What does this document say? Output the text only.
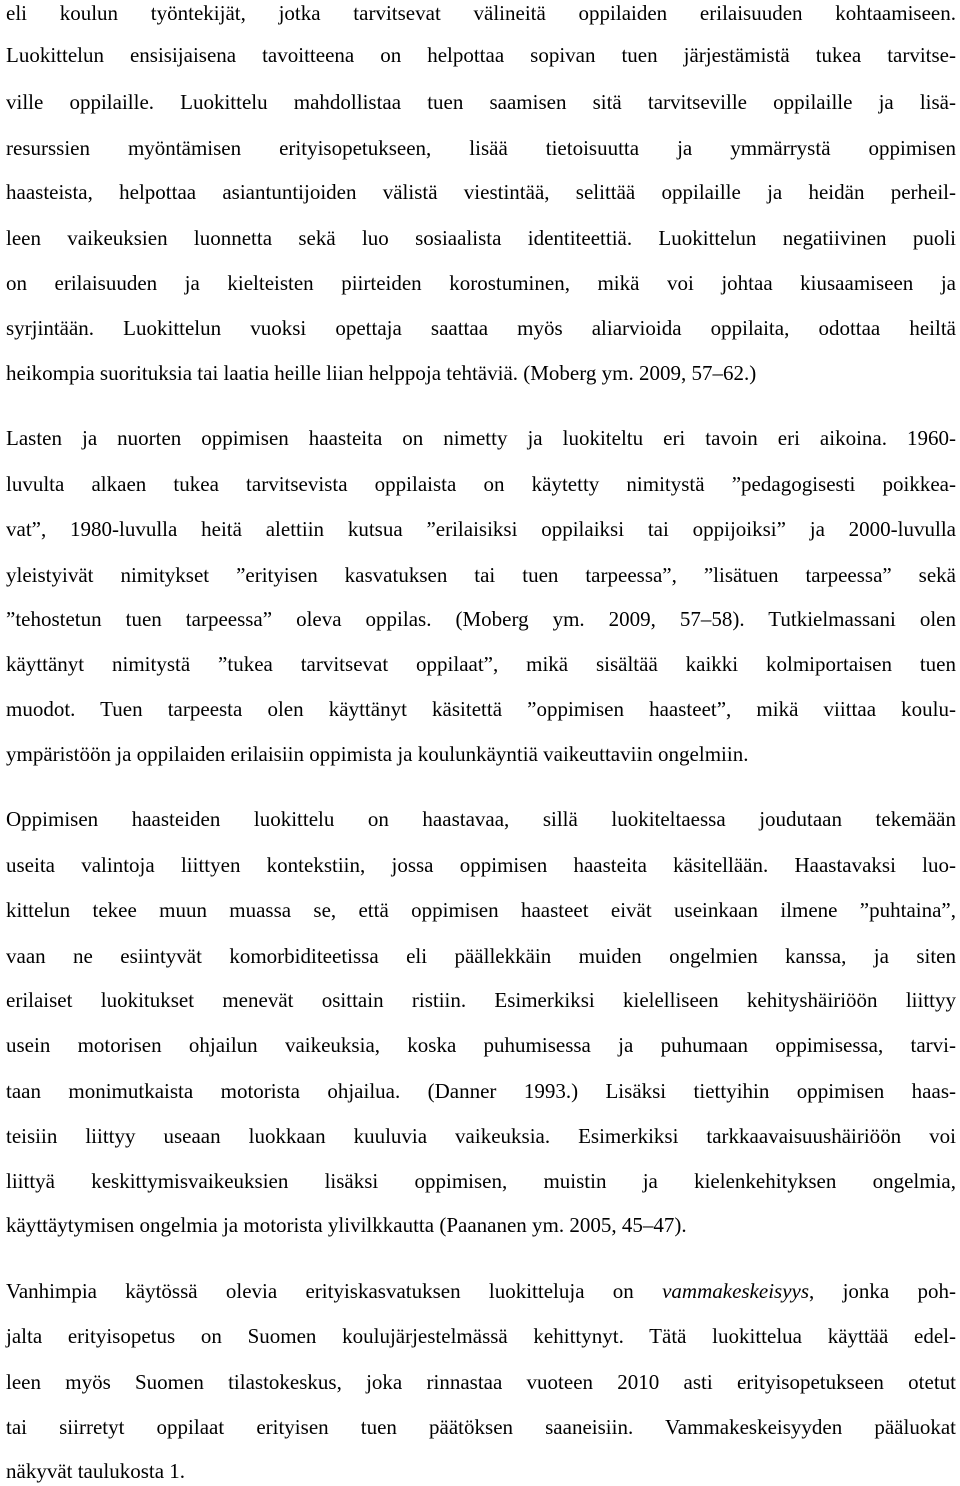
eli koulun työntekijät, jotka tarvitsevat välineitä oppilaiden erilaisuuden kohtaamiseen.
Luokittelun ensisijaisena tavoitteena on helpottaa sopivan tuen järjestämistä tukea tarvitse-
ville oppilaille. Luokittelu mahdollistaa tuen saamisen sitä tarvitseville oppilaille ja lisä-
resurssien myöntämisen erityisopetukseen, lisää tietoisuutta ja ymmärrystä oppimisen
haasteista, helpottaa asiantuntijoiden välistä viestintää, selittää oppilaille ja heidän perheil-
leen vaikeuksien luonnetta sekä luo sosiaalista identiteettiä. Luokittelun negatiivinen puoli
on erilaisuuden ja kielteisten piirteiden korostuminen, mikä voi johtaa kiusaamiseen ja
syrjintään. Luokittelun vuoksi opettaja saattaa myös aliarvioida oppilaita, odottaa heiltä
heikompia suorituksia tai laatia heille liian helppoja tehtäviä. (Moberg ym. 2009, 57–62.)
Lasten ja nuorten oppimisen haasteita on nimetty ja luokiteltu eri tavoin eri aikoina. 1960-
luvulta alkaen tukea tarvitsevista oppilaista on käytetty nimitystä ”pedagogisesti poikkea-
vat”, 1980-luvulla heitä alettiin kutsua ”erilaisiksi oppilaiksi tai oppijoiksi” ja 2000-luvulla
yleistyivät nimitykset ”erityisen kasvatuksen tai tuen tarpeessa”, ”lisätuen tarpeessa” sekä
”tehostetun tuen tarpeessa” oleva oppilas. (Moberg ym. 2009, 57–58). Tutkielmassani olen
käyttänyt nimitystä ”tukea tarvitsevat oppilaat”, mikä sisältää kaikki kolmiportaisen tuen
muodot. Tuen tarpeesta olen käyttänyt käsitettä ”oppimisen haasteet”, mikä viittaa koulu-
ympäristöön ja oppilaiden erilaisiin oppimista ja koulunkäyntiä vaikeuttaviin ongelmiin.
Oppimisen haasteiden luokittelu on haastavaa, sillä luokiteltaessa joudutaan tekemään
useita valintoja liittyen kontekstiin, jossa oppimisen haasteita käsitellään. Haastavaksi luo-
kittelun tekee muun muassa se, että oppimisen haasteet eivät useinkaan ilmene ”puhtaina”,
vaan ne esiintyvät komorbiditeetissa eli päällekkäin muiden ongelmien kanssa, ja siten
erilaiset luokitukset menevät osittain ristiin. Esimerkiksi kielelliseen kehityshäiriöön liittyy
usein motorisen ohjailun vaikeuksia, koska puhumisessa ja puhumaan oppimisessa, tarvi-
taan monimutkaista motorista ohjailua. (Danner 1993.) Lisäksi tiettyihin oppimisen haas-
teisiin liittyy useaan luokkaan kuuluvia vaikeuksia. Esimerkiksi tarkkaavaisuushäiriöön voi
liittyä keskittymisvaikeuksien lisäksi oppimisen, muistin ja kielenkehityksen ongelmia,
käyttäytymisen ongelmia ja motorista ylivilkkautta (Paananen ym. 2005, 45–47).
Vanhimpia käytössä olevia erityiskasvatuksen luokitteluja on vammakeskeisyys, jonka poh-
jalta erityisopetus on Suomen koulujärjestelmässä kehittynyt. Tätä luokittelua käyttää edel-
leen myös Suomen tilastokeskus, joka rinnastaa vuoteen 2010 asti erityisopetukseen otetut
tai siirretyt oppilaat erityisen tuen päätöksen saaneisiin. Vammakeskeisyyden pääluokat
näkyvät taulukosta 1.
